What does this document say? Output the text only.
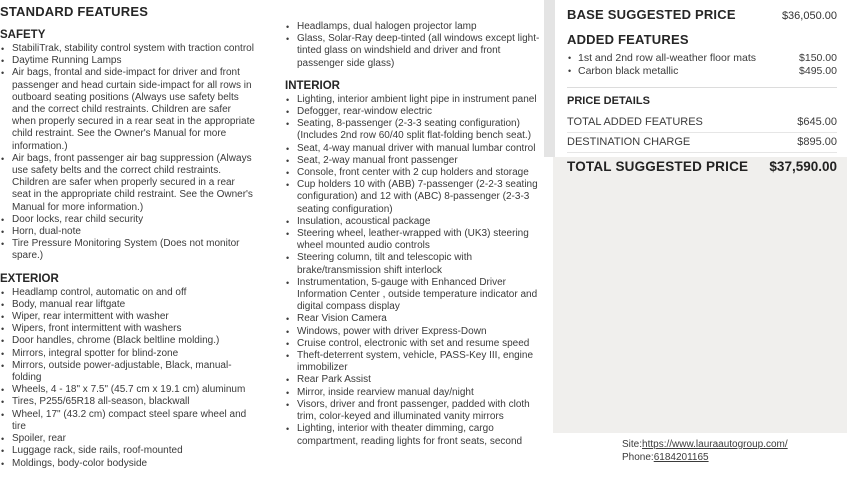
STANDARD FEATURES
SAFETY
• StabiliTrak, stability control system with traction control
• Daytime Running Lamps
• Air bags, frontal and side-impact for driver and front passenger and head curtain side-impact for all rows in outboard seating positions (Always use safety belts and the correct child restraints. Children are safer when properly secured in a rear seat in the appropriate child restraint. See the Owner's Manual for more information.)
• Air bags, front passenger air bag suppression (Always use safety belts and the correct child restraints. Children are safer when properly secured in a rear seat in the appropriate child restraint. See the Owner's Manual for more information.)
• Door locks, rear child security
• Horn, dual-note
• Tire Pressure Monitoring System (Does not monitor spare.)
EXTERIOR
• Headlamp control, automatic on and off
• Body, manual rear liftgate
• Wiper, rear intermittent with washer
• Wipers, front intermittent with washers
• Door handles, chrome (Black beltline molding.)
• Mirrors, integral spotter for blind-zone
• Mirrors, outside power-adjustable, Black, manual-folding
• Wheels, 4 - 18" x 7.5" (45.7 cm x 19.1 cm) aluminum
• Tires, P255/65R18 all-season, blackwall
• Wheel, 17" (43.2 cm) compact steel spare wheel and tire
• Spoiler, rear
• Luggage rack, side rails, roof-mounted
• Moldings, body-color bodyside
• Headlamps, dual halogen projector lamp
• Glass, Solar-Ray deep-tinted (all windows except light-tinted glass on windshield and driver and front passenger side glass)
INTERIOR
• Lighting, interior ambient light pipe in instrument panel
• Defogger, rear-window electric
• Seating, 8-passenger (2-3-3 seating configuration) (Includes 2nd row 60/40 split flat-folding bench seat.)
• Seat, 4-way manual driver with manual lumbar control
• Seat, 2-way manual front passenger
• Console, front center with 2 cup holders and storage
• Cup holders 10 with (ABB) 7-passenger (2-2-3 seating configuration) and 12 with (ABC) 8-passenger (2-3-3 seating configuration)
• Insulation, acoustical package
• Steering wheel, leather-wrapped with (UK3) steering wheel mounted audio controls
• Steering column, tilt and telescopic with brake/transmission shift interlock
• Instrumentation, 5-gauge with Enhanced Driver Information Center , outside temperature indicator and digital compass display
• Rear Vision Camera
• Windows, power with driver Express-Down
• Cruise control, electronic with set and resume speed
• Theft-deterrent system, vehicle, PASS-Key III, engine immobilizer
• Rear Park Assist
• Mirror, inside rearview manual day/night
• Visors, driver and front passenger, padded with cloth trim, color-keyed and illuminated vanity mirrors
• Lighting, interior with theater dimming, cargo compartment, reading lights for front seats, second
BASE SUGGESTED PRICE	$36,050.00
ADDED FEATURES
• 1st and 2nd row all-weather floor mats	$150.00
• Carbon black metallic	$495.00
PRICE DETAILS
TOTAL ADDED FEATURES	$645.00
DESTINATION CHARGE	$895.00
TOTAL SUGGESTED PRICE $37,590.00
Site:https://www.lauraautogroup.com/
Phone:6184201165
